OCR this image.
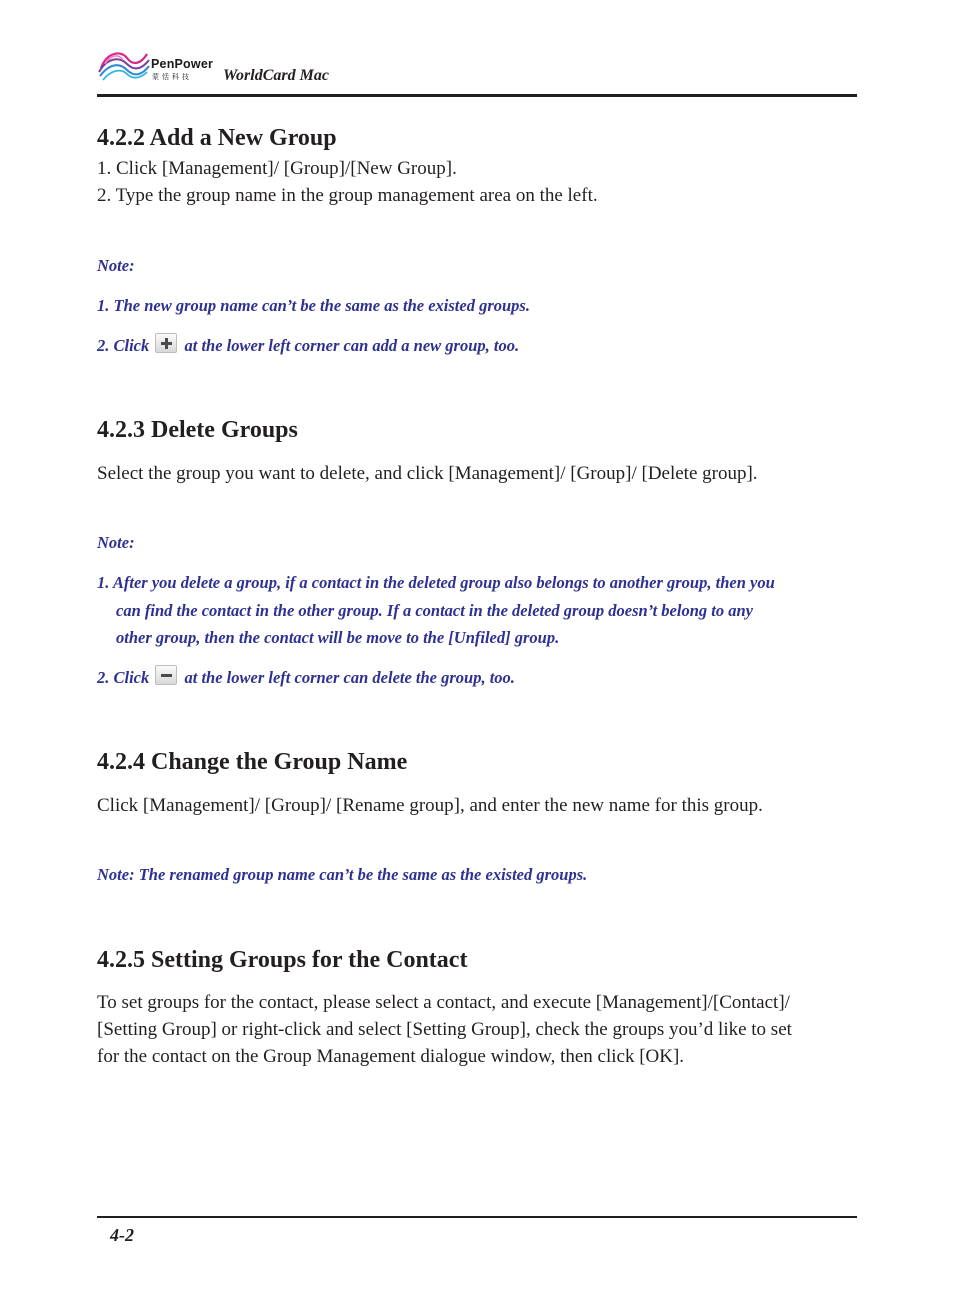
PenPower
蒙恬科技 WorldCard Mac
4.2.2 Add a New Group
1. Click [Management]/ [Group]/[New Group].
2. Type the group name in the group management area on the left.
Note:
1. The new group name can’t be the same as the existed groups.
2. Click at the lower left corner can add a new group, too.
4.2.3 Delete Groups
Select the group you want to delete, and click [Management]/ [Group]/ [Delete group].
Note:
1. After you delete a group, if a contact in the deleted group also belongs to another group, then you
can find the contact in the other group. If a contact in the deleted group doesn’t belong to any
other group, then the contact will be move to the [Unfiled] group.
2. Click at the lower left corner can delete the group, too.
4.2.4 Change the Group Name
Click [Management]/ [Group]/ [Rename group], and enter the new name for this group.
Note: The renamed group name can’t be the same as the existed groups.
4.2.5 Setting Groups for the Contact
To set groups for the contact, please select a contact, and execute [Management]/[Contact]/
[Setting Group] or right-click and select [Setting Group], check the groups you’d like to set
for the contact on the Group Management dialogue window, then click [OK].
4-2
